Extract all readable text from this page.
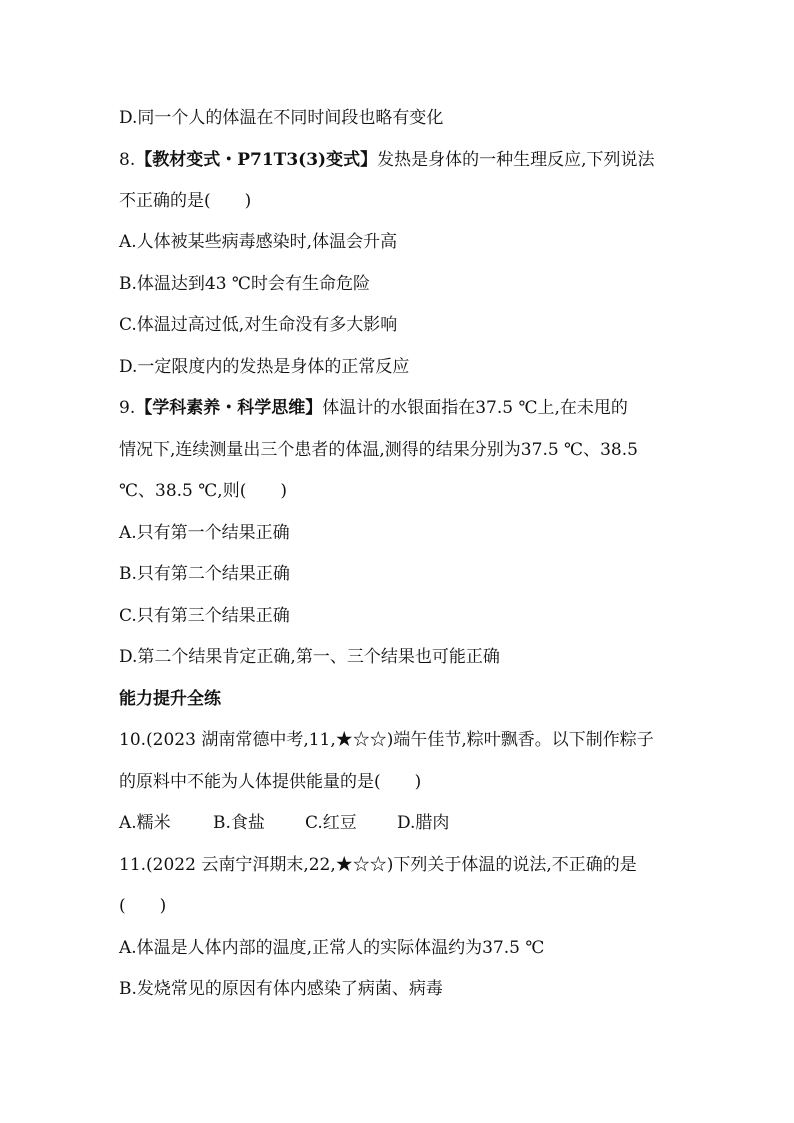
D.同一个人的体温在不同时间段也略有变化
8.【教材变式・P71T3(3)变式】发热是身体的一种生理反应,下列说法
不正确的是(　　)
A.人体被某些病毒感染时,体温会升高
B.体温达到43 ℃时会有生命危险
C.体温过高过低,对生命没有多大影响
D.一定限度内的发热是身体的正常反应
9.【学科素养・科学思维】体温计的水银面指在37.5 ℃上,在未甩的
情况下,连续测量出三个患者的体温,测得的结果分别为37.5 ℃、38.5
℃、38.5 ℃,则(　　)
A.只有第一个结果正确
B.只有第二个结果正确
C.只有第三个结果正确
D.第二个结果肯定正确,第一、三个结果也可能正确
能力提升全练
10.(2023 湖南常德中考,11,★☆☆)端午佳节,粽叶飘香。以下制作粽子
的原料中不能为人体提供能量的是(　　)
A.糯米 B.食盐 C.红豆 D.腊肉
11.(2022 云南宁洱期末,22,★☆☆)下列关于体温的说法,不正确的是
(　　)
A.体温是人体内部的温度,正常人的实际体温约为37.5 ℃
B.发烧常见的原因有体内感染了病菌、病毒
